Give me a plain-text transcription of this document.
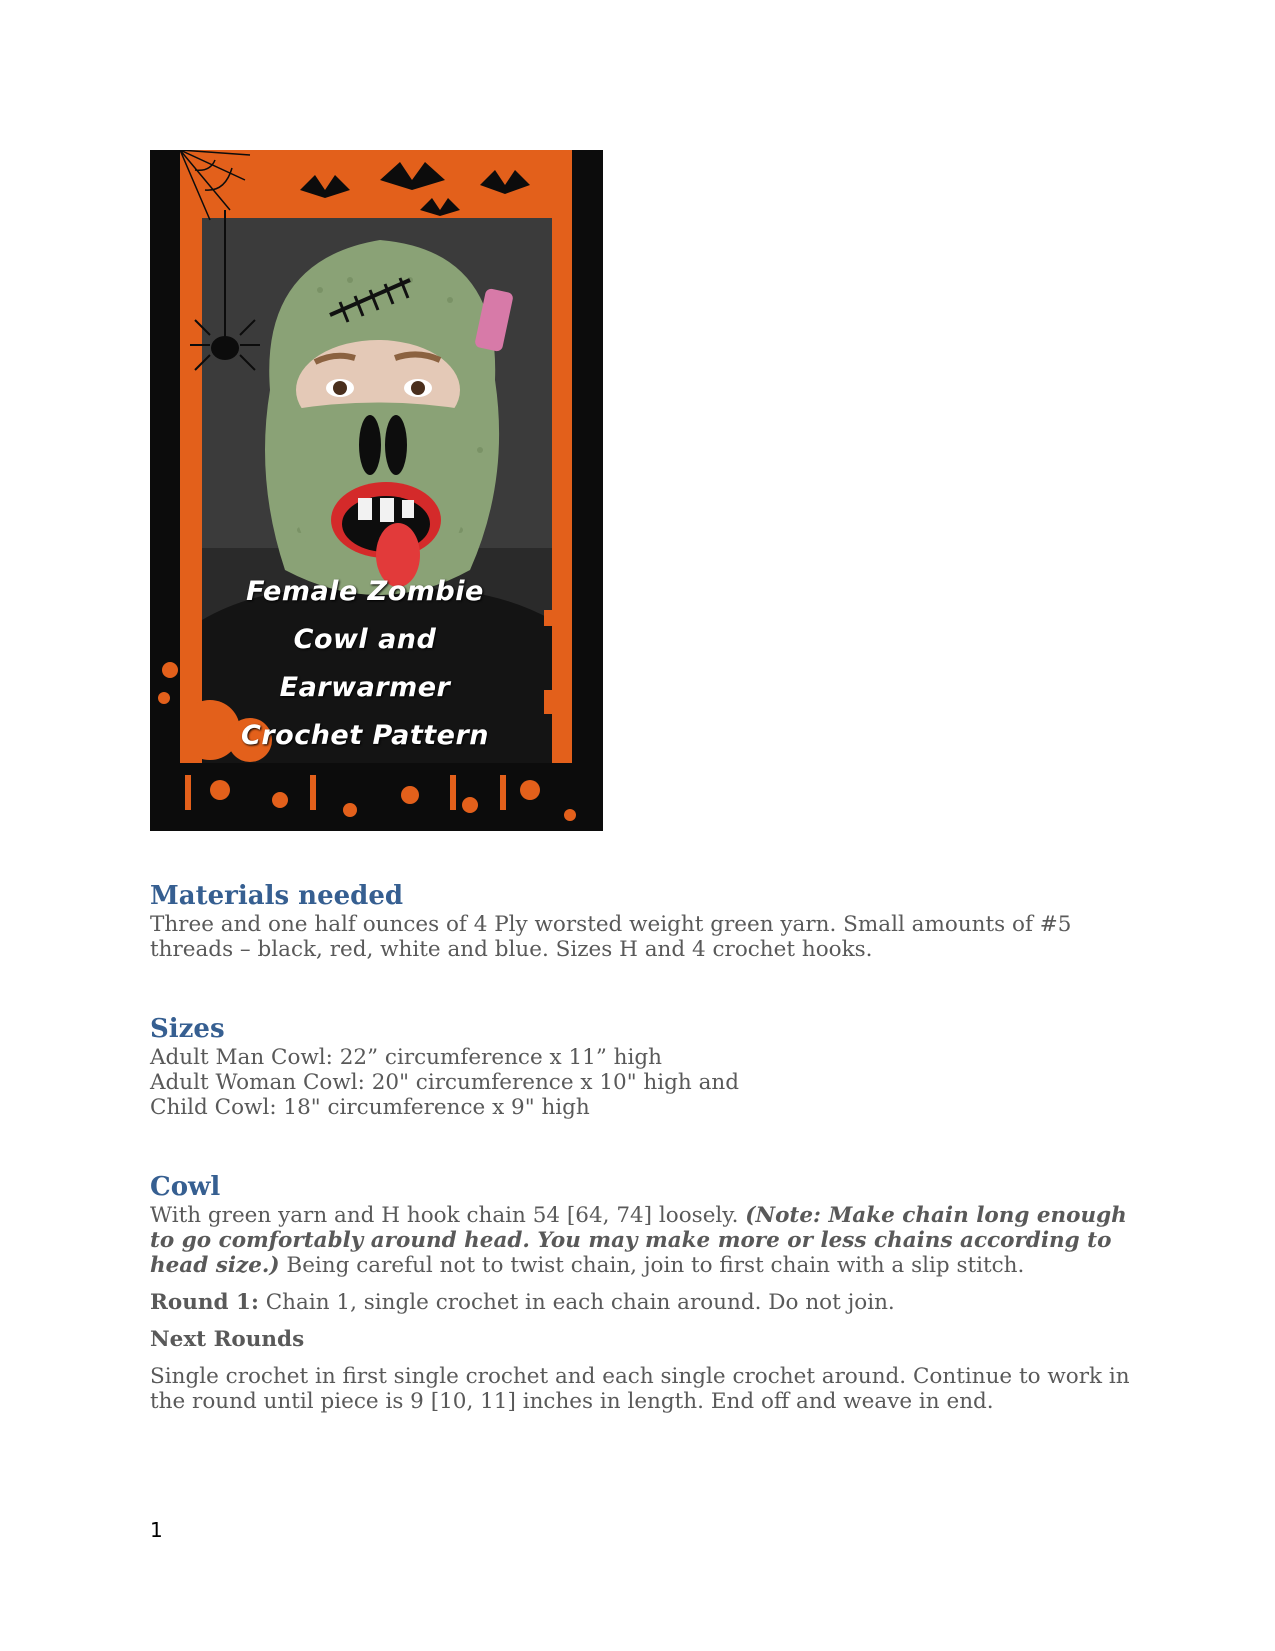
Female Zombie
Cowl and Earwarmer
Crochet Pattern
Materials needed

Three and one half ounces of 4 Ply worsted weight green yarn. Small amounts of #5 threads – black, red, white and blue. Sizes H and 4 crochet hooks.

Sizes

Adult Man Cowl: 22” circumference x 11” high
Adult Woman Cowl: 20" circumference x 10" high and
Child Cowl: 18" circumference x 9" high

Cowl

With green yarn and H hook chain 54 [64, 74] loosely. (Note: Make chain long enough to go comfortably around head. You may make more or less chains according to head size.) Being careful not to twist chain, join to first chain with a slip stitch.

Round 1: Chain 1, single crochet in each chain around. Do not join.

Next Rounds

Single crochet in first single crochet and each single crochet around. Continue to work in the round until piece is 9 [10, 11] inches in length. End off and weave in end.

1
